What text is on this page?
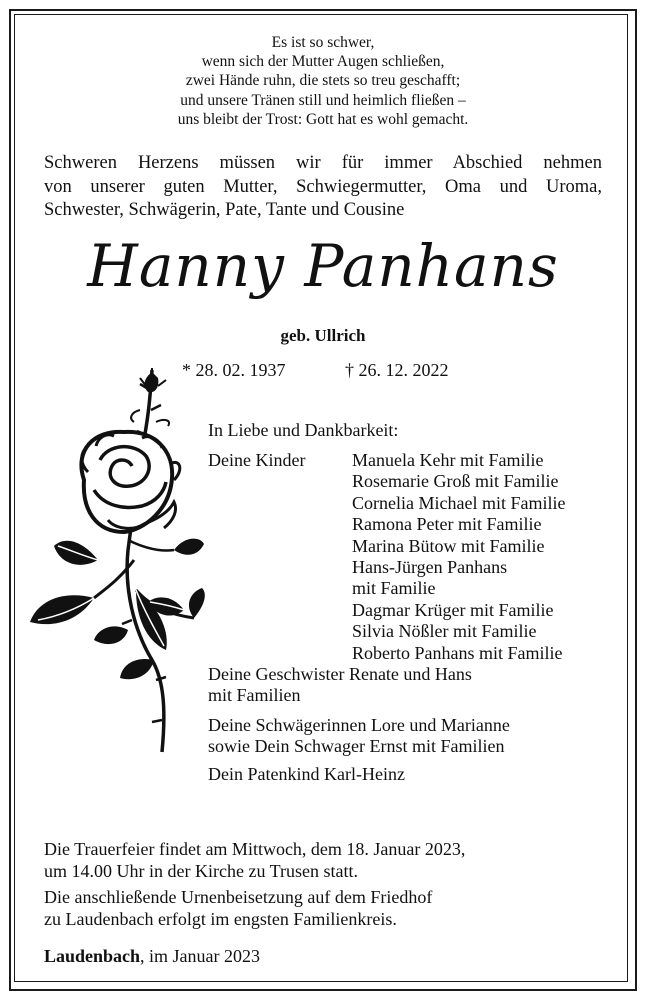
Es ist so schwer,
wenn sich der Mutter Augen schließen,
zwei Hände ruhn, die stets so treu geschafft;
und unsere Tränen still und heimlich fließen –
uns bleibt der Trost: Gott hat es wohl gemacht.
Schweren Herzens müssen wir für immer Abschied nehmen
von unserer guten Mutter, Schwiegermutter, Oma und Uroma,
Schwester, Schwägerin, Pate, Tante und Cousine
Hanny Panhans
geb. Ullrich
* 28. 02. 1937	† 26. 12. 2022
In Liebe und Dankbarkeit:
Deine Kinder	Manuela Kehr mit Familie
Rosemarie Groß mit Familie
Cornelia Michael mit Familie
Ramona Peter mit Familie
Marina Bütow mit Familie
Hans-Jürgen Panhans
mit Familie
Dagmar Krüger mit Familie
Silvia Nößler mit Familie
Roberto Panhans mit Familie
Deine Geschwister Renate und Hans
mit Familien
Deine Schwägerinnen Lore und Marianne
sowie Dein Schwager Ernst mit Familien
Dein Patenkind Karl-Heinz
Die Trauerfeier findet am Mittwoch, dem 18. Januar 2023,
um 14.00 Uhr in der Kirche zu Trusen statt.
Die anschließende Urnenbeisetzung auf dem Friedhof
zu Laudenbach erfolgt im engsten Familienkreis.
Laudenbach, im Januar 2023
